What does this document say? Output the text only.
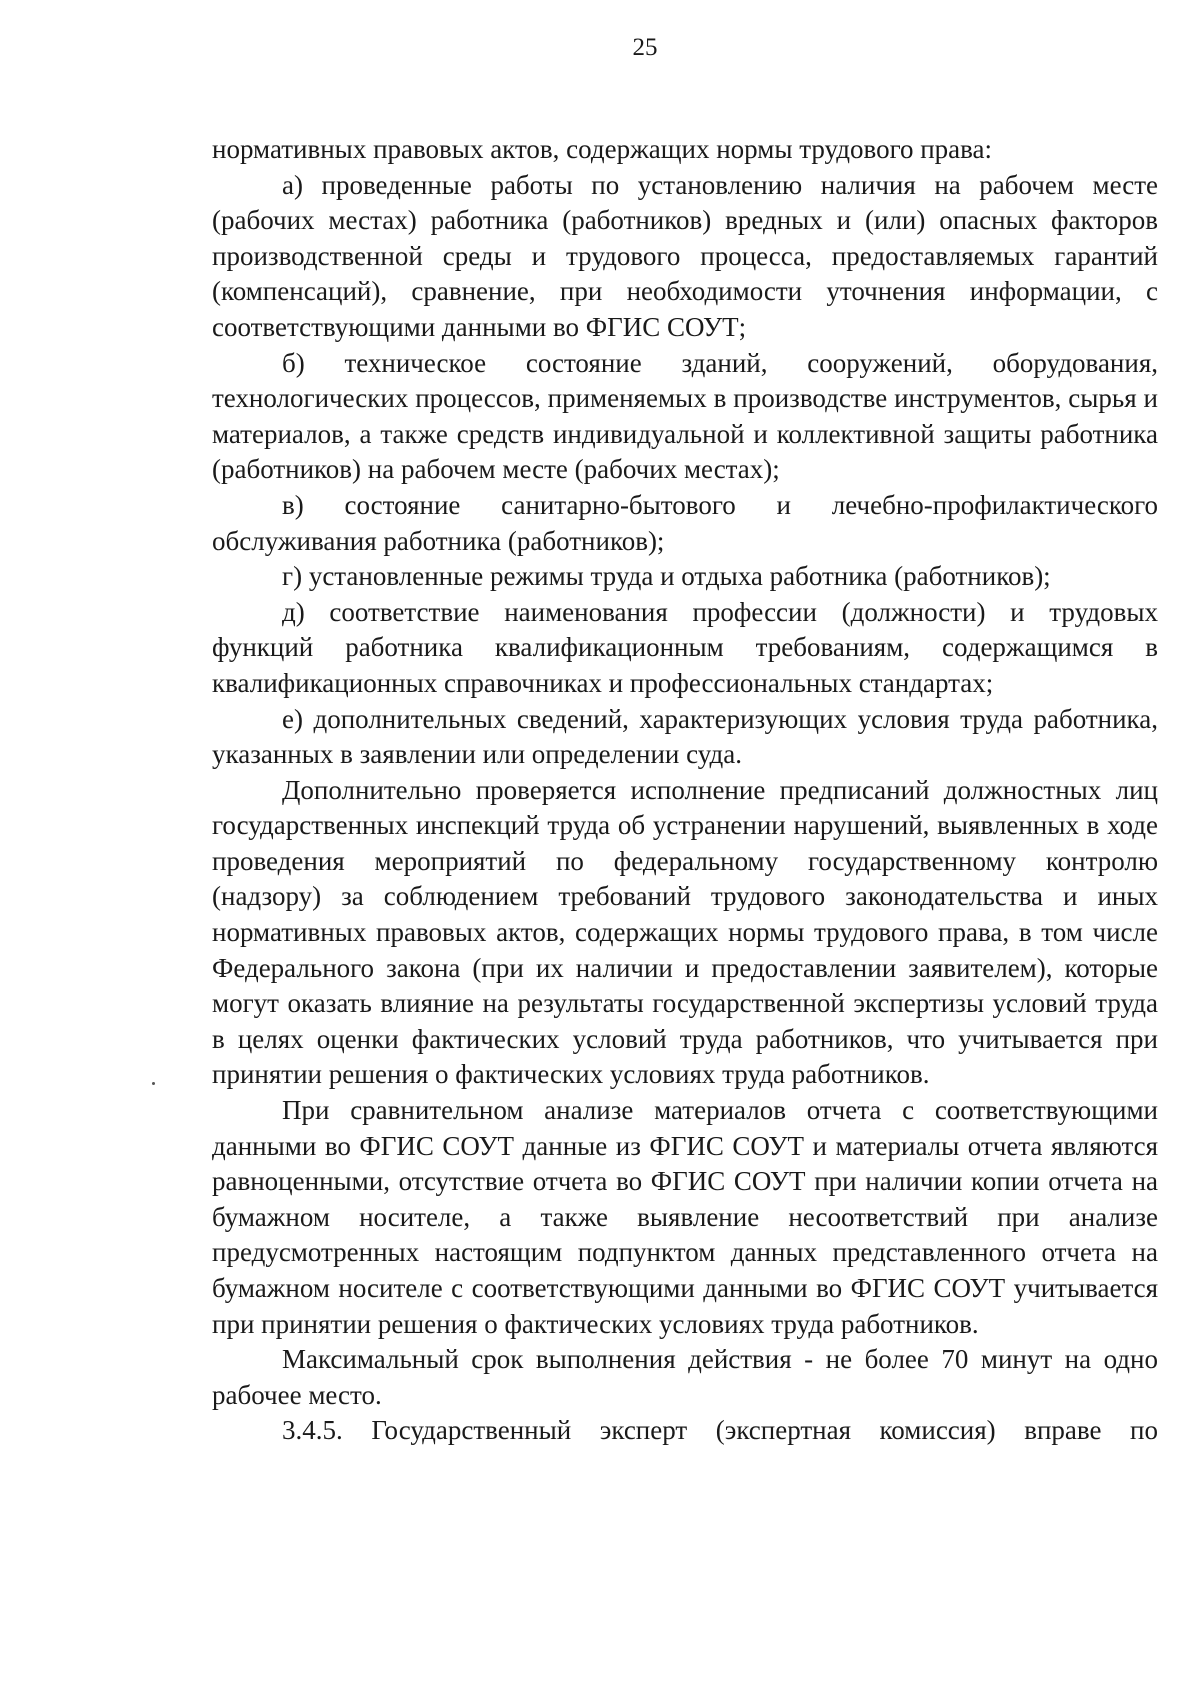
25

нормативных правовых актов, содержащих нормы трудового права:

а) проведенные работы по установлению наличия на рабочем месте (рабочих местах) работника (работников) вредных и (или) опасных факторов производственной среды и трудового процесса, предоставляемых гарантий (компенсаций), сравнение, при необходимости уточнения информации, с соответствующими данными во ФГИС СОУТ;

б) техническое состояние зданий, сооружений, оборудования, технологических процессов, применяемых в производстве инструментов, сырья и материалов, а также средств индивидуальной и коллективной защиты работника (работников) на рабочем месте (рабочих местах);

в) состояние санитарно-бытового и лечебно-профилактического обслуживания работника (работников);

г) установленные режимы труда и отдыха работника (работников);

д) соответствие наименования профессии (должности) и трудовых функций работника квалификационным требованиям, содержащимся в квалификационных справочниках и профессиональных стандартах;

е) дополнительных сведений, характеризующих условия труда работника, указанных в заявлении или определении суда.

Дополнительно проверяется исполнение предписаний должностных лиц государственных инспекций труда об устранении нарушений, выявленных в ходе проведения мероприятий по федеральному государственному контролю (надзору) за соблюдением требований трудового законодательства и иных нормативных правовых актов, содержащих нормы трудового права, в том числе Федерального закона (при их наличии и предоставлении заявителем), которые могут оказать влияние на результаты государственной экспертизы условий труда в целях оценки фактических условий труда работников, что учитывается при принятии решения о фактических условиях труда работников.

При сравнительном анализе материалов отчета с соответствующими данными во ФГИС СОУТ данные из ФГИС СОУТ и материалы отчета являются равноценными, отсутствие отчета во ФГИС СОУТ при наличии копии отчета на бумажном носителе, а также выявление несоответствий при анализе предусмотренных настоящим подпунктом данных представленного отчета на бумажном носителе с соответствующими данными во ФГИС СОУТ учитывается при принятии решения о фактических условиях труда работников.

Максимальный срок выполнения действия - не более 70 минут на одно рабочее место.

3.4.5. Государственный эксперт (экспертная комиссия) вправе по
